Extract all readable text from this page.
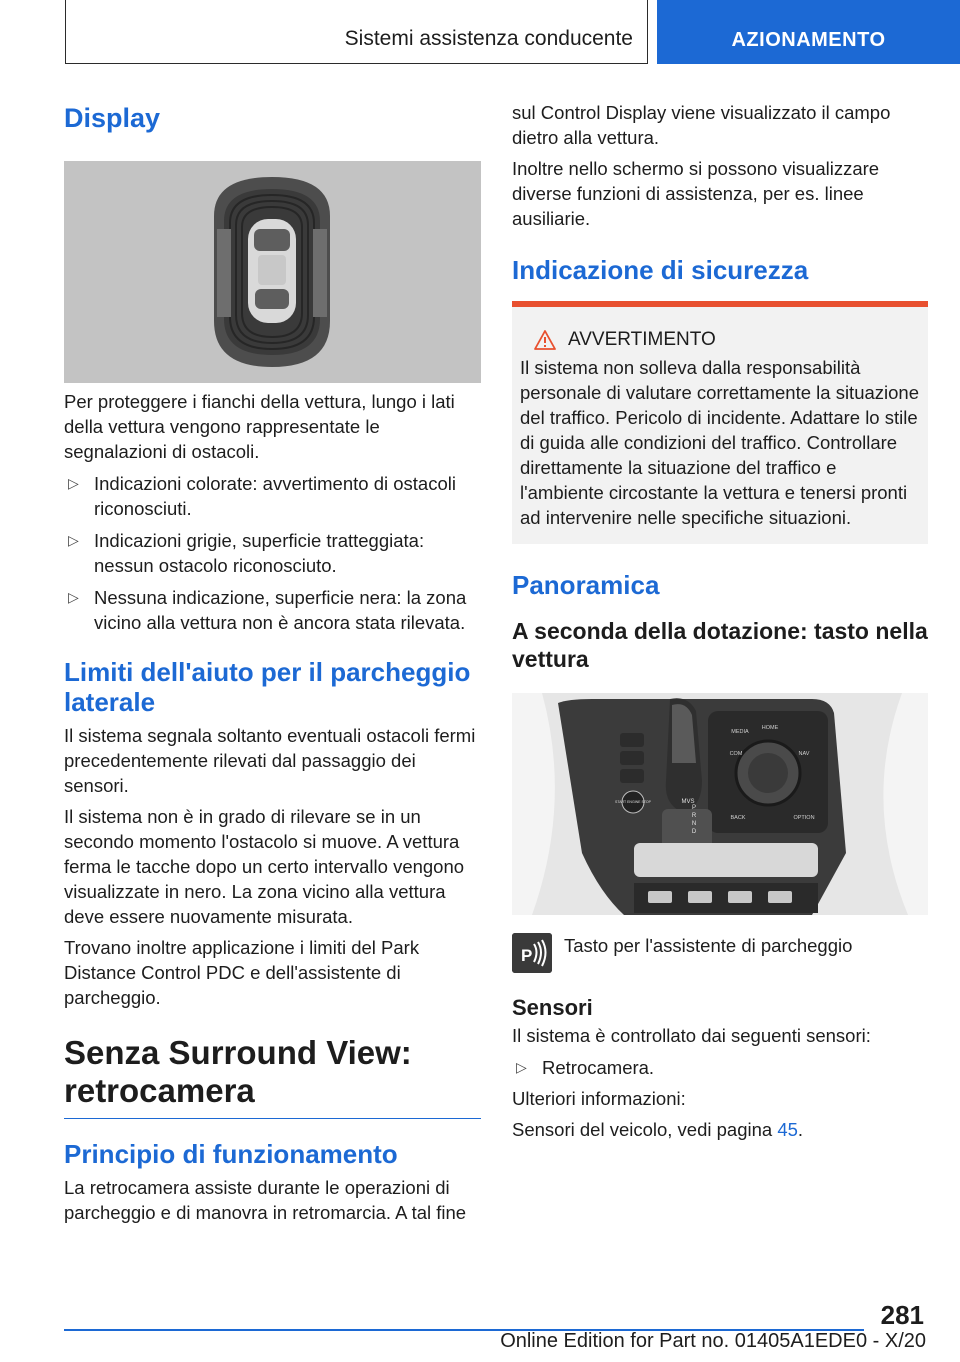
Sistemi assistenza conducente	AZIONAMENTO
Display

Per proteggere i fianchi della vettura, lungo i lati della vettura vengono rappresentate le segnalazioni di ostacoli.

▷ Indicazioni colorate: avvertimento di ostacoli riconosciuti.
▷ Indicazioni grigie, superficie tratteggiata: nessun ostacolo riconosciuto.
▷ Nessuna indicazione, superficie nera: la zona vicino alla vettura non è ancora stata rilevata.
Limiti dell'aiuto per il parcheggio laterale

Il sistema segnala soltanto eventuali ostacoli fermi precedentemente rilevati dal passaggio dei sensori.

Il sistema non è in grado di rilevare se in un secondo momento l'ostacolo si muove. A vettura ferma le tacche dopo un certo intervallo vengono visualizzate in nero. La zona vicino alla vettura deve essere nuovamente misurata.

Trovano inoltre applicazione i limiti del Park Distance Control PDC e dell'assistente di parcheggio.

Senza Surround View: retrocamera
Principio di funzionamento

La retrocamera assiste durante le operazioni di parcheggio e di manovra in retromarcia. A tal fine

sul Control Display viene visualizzato il campo dietro alla vettura.

Inoltre nello schermo si possono visualizzare diverse funzioni di assistenza, per es. linee ausiliarie.

Indicazione di sicurezza
AVVERTIMENTO

Il sistema non solleva dalla responsabilità personale di valutare correttamente la situazione del traffico. Pericolo di incidente. Adattare lo stile di guida alle condizioni del traffico. Controllare direttamente la situazione del traffico e l'ambiente circostante la vettura e tenersi pronti ad intervenire nelle specifiche situazioni.

Panoramica
A seconda della dotazione: tasto nella vettura
MEDIA
HOME
COM	NAV
BACK	OPTION
P
R
N
D
MVS
START ENGINE STOP
P Tasto per l'assistente di parcheggio

Sensori

Il sistema è controllato dai seguenti sensori:

▷ Retrocamera.

Ulteriori informazioni:

Sensori del veicolo, vedi pagina 45.

281
Online Edition for Part no. 01405A1EDE0 - X/20
